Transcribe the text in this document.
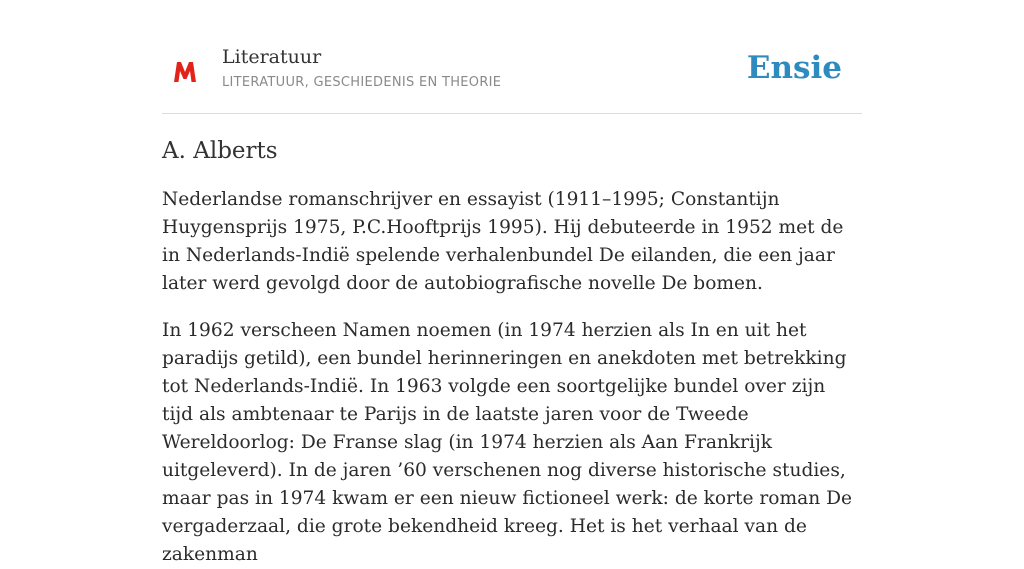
Literatuur
LITERATUUR, GESCHIEDENIS EN THEORIE	Ensie
A. Alberts

Nederlandse romanschrijver en essayist (1911–1995; Constantijn Huygensprijs 1975, P.C.Hooftprijs 1995). Hij debuteerde in 1952 met de in Nederlands-Indië spelende verhalenbundel De eilanden, die een jaar later werd gevolgd door de autobiografische novelle De bomen.

In 1962 verscheen Namen noemen (in 1974 herzien als In en uit het paradijs getild), een bundel herinneringen en anekdoten met betrekking tot Nederlands-Indië. In 1963 volgde een soortgelijke bundel over zijn tijd als ambtenaar te Parijs in de laatste jaren voor de Tweede Wereldoorlog: De Franse slag (in 1974 herzien als Aan Frankrijk uitgeleverd). In de jaren ’60 verschenen nog diverse historische studies, maar pas in 1974 kwam er een nieuw fictioneel werk: de korte roman De vergaderzaal, die grote bekendheid kreeg. Het is het verhaal van de zakenman
